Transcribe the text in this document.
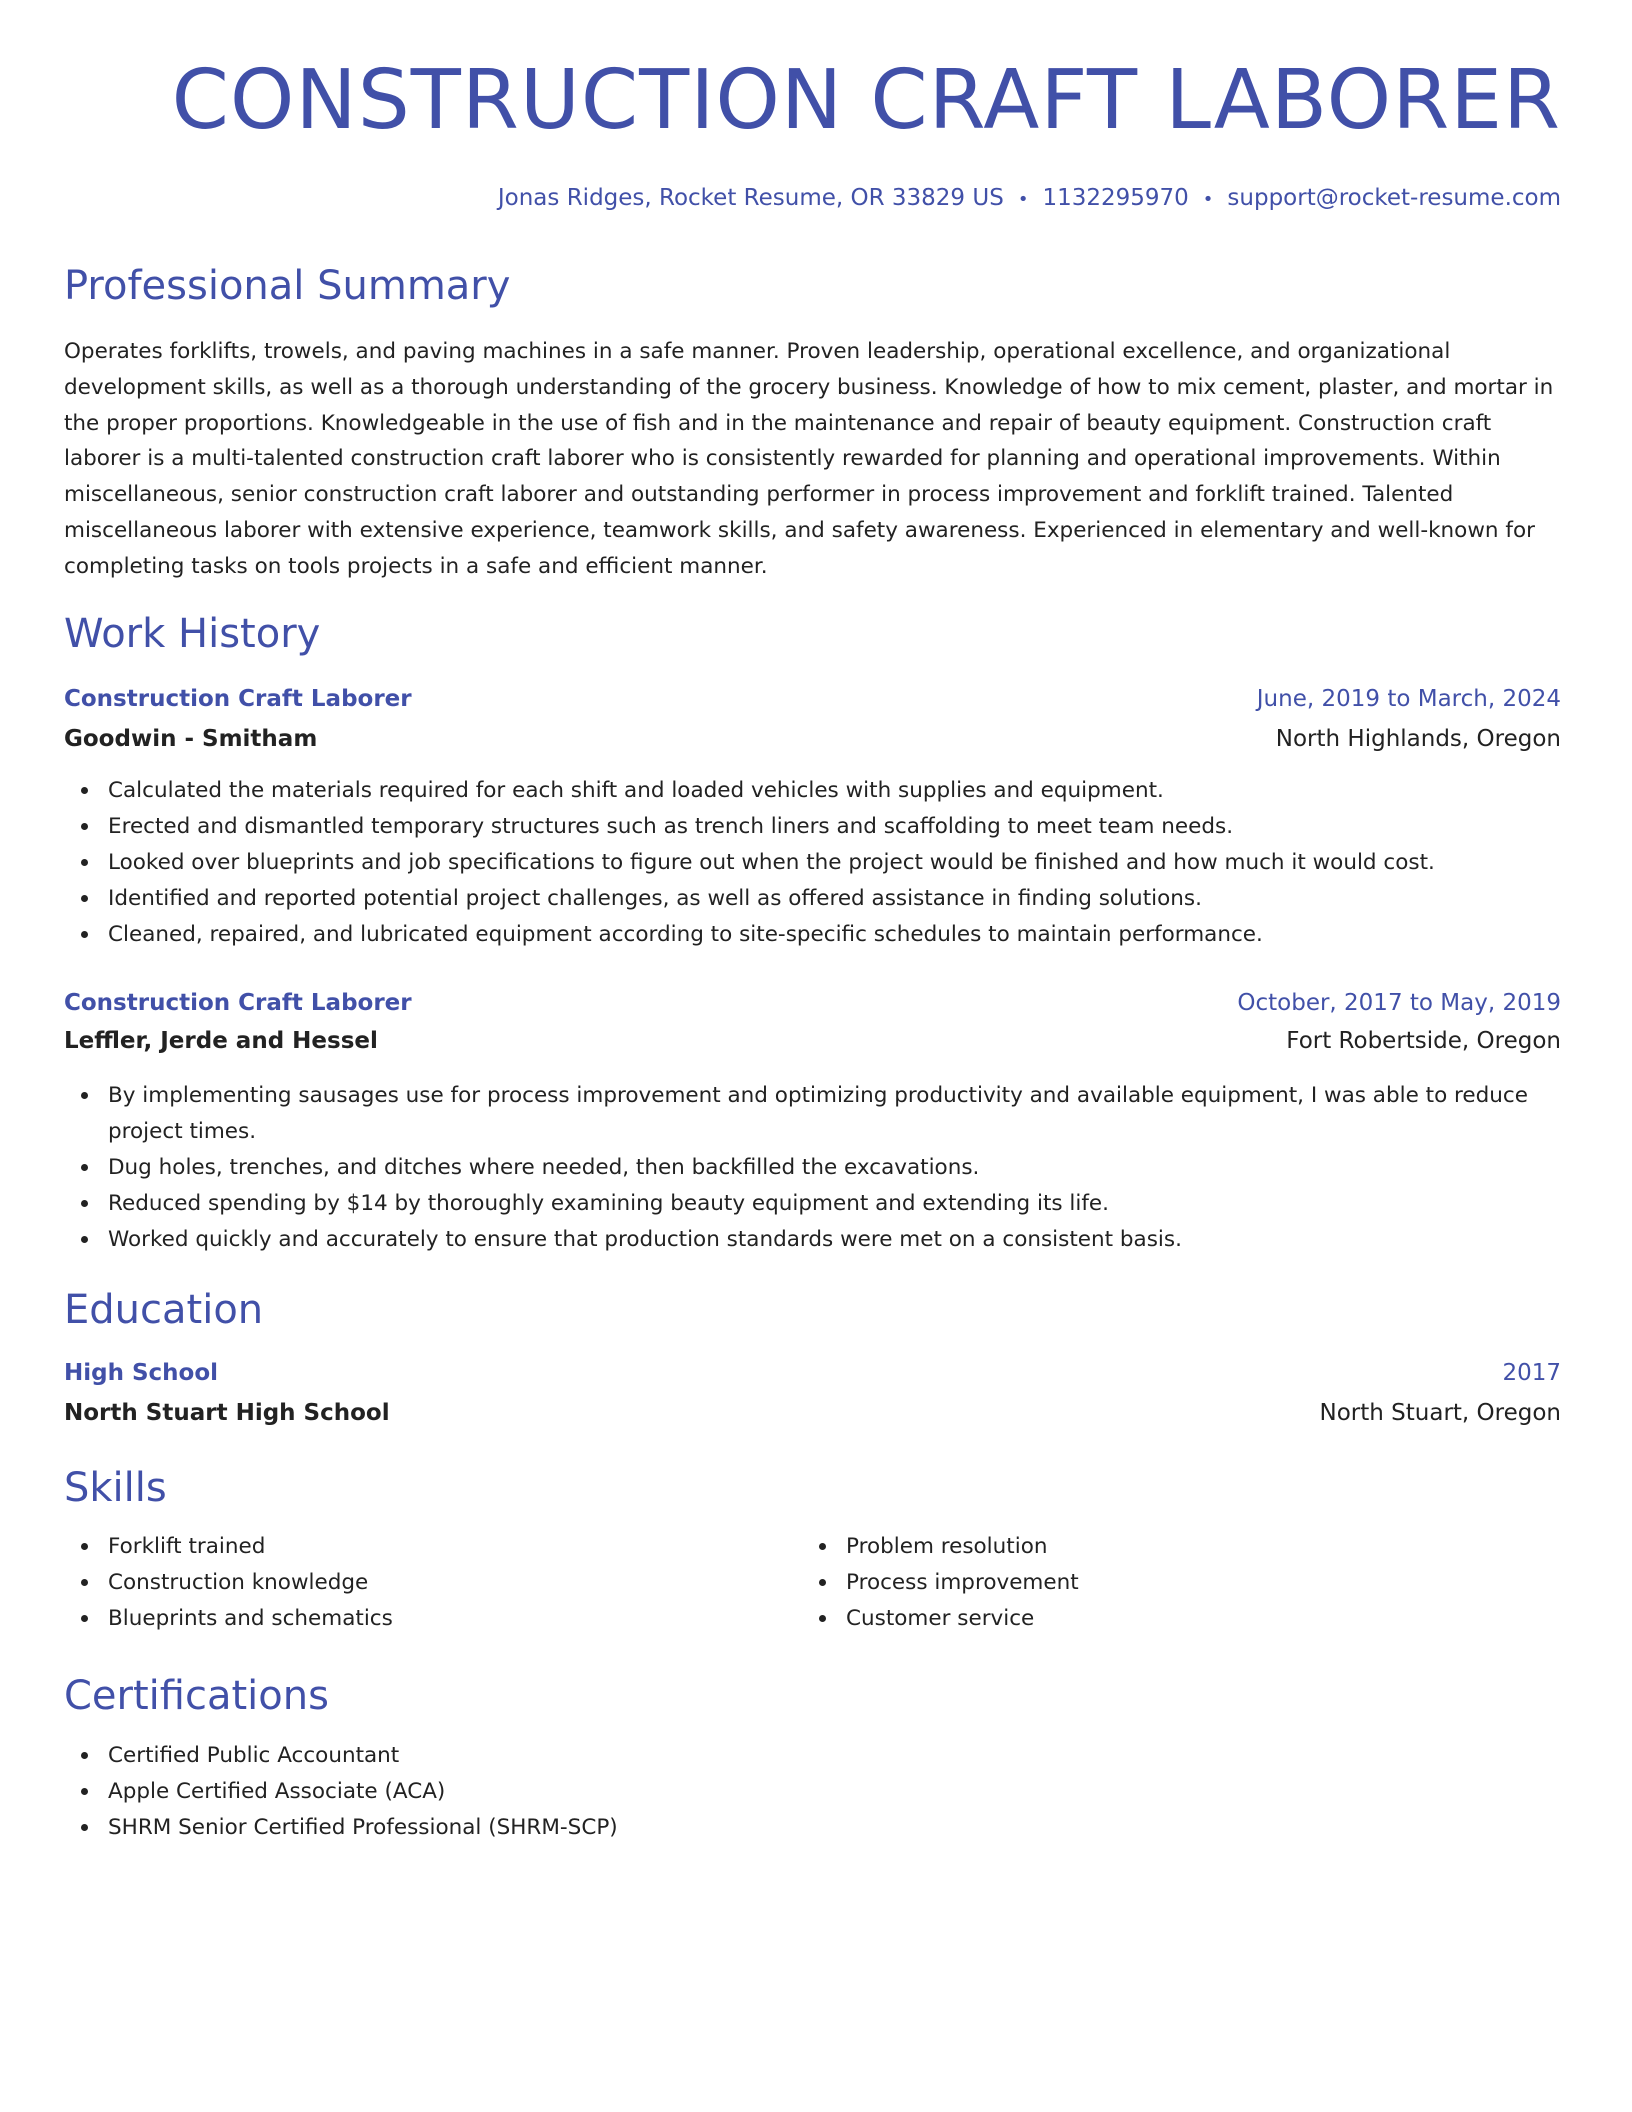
CONSTRUCTION CRAFT LABORER
Jonas Ridges, Rocket Resume, OR 33829 US • 1132295970 • support@rocket-resume.com
Professional Summary

Operates forklifts, trowels, and paving machines in a safe manner. Proven leadership, operational excellence, and organizational development skills, as well as a thorough understanding of the grocery business. Knowledge of how to mix cement, plaster, and mortar in the proper proportions. Knowledgeable in the use of fish and in the maintenance and repair of beauty equipment. Construction craft laborer is a multi-talented construction craft laborer who is consistently rewarded for planning and operational improvements. Within miscellaneous, senior construction craft laborer and outstanding performer in process improvement and forklift trained. Talented miscellaneous laborer with extensive experience, teamwork skills, and safety awareness. Experienced in elementary and well-known for completing tasks on tools projects in a safe and efficient manner.

Work History
Construction Craft Laborer	June, 2019 to March, 2024
Goodwin - Smitham	North Highlands, Oregon
Calculated the materials required for each shift and loaded vehicles with supplies and equipment.
Erected and dismantled temporary structures such as trench liners and scaffolding to meet team needs.
Looked over blueprints and job specifications to figure out when the project would be finished and how much it would cost.
Identified and reported potential project challenges, as well as offered assistance in finding solutions.
Cleaned, repaired, and lubricated equipment according to site-specific schedules to maintain performance.
Construction Craft Laborer	October, 2017 to May, 2019
Leffler, Jerde and Hessel	Fort Robertside, Oregon
By implementing sausages use for process improvement and optimizing productivity and available equipment, I was able to reduce project times.
Dug holes, trenches, and ditches where needed, then backfilled the excavations.
Reduced spending by $14 by thoroughly examining beauty equipment and extending its life.
Worked quickly and accurately to ensure that production standards were met on a consistent basis.
Education
High School	2017
North Stuart High School	North Stuart, Oregon
Skills
Forklift trained
Construction knowledge
Blueprints and schematics
Problem resolution
Process improvement
Customer service
Certifications
Certified Public Accountant
Apple Certified Associate (ACA)
SHRM Senior Certified Professional (SHRM-SCP)
